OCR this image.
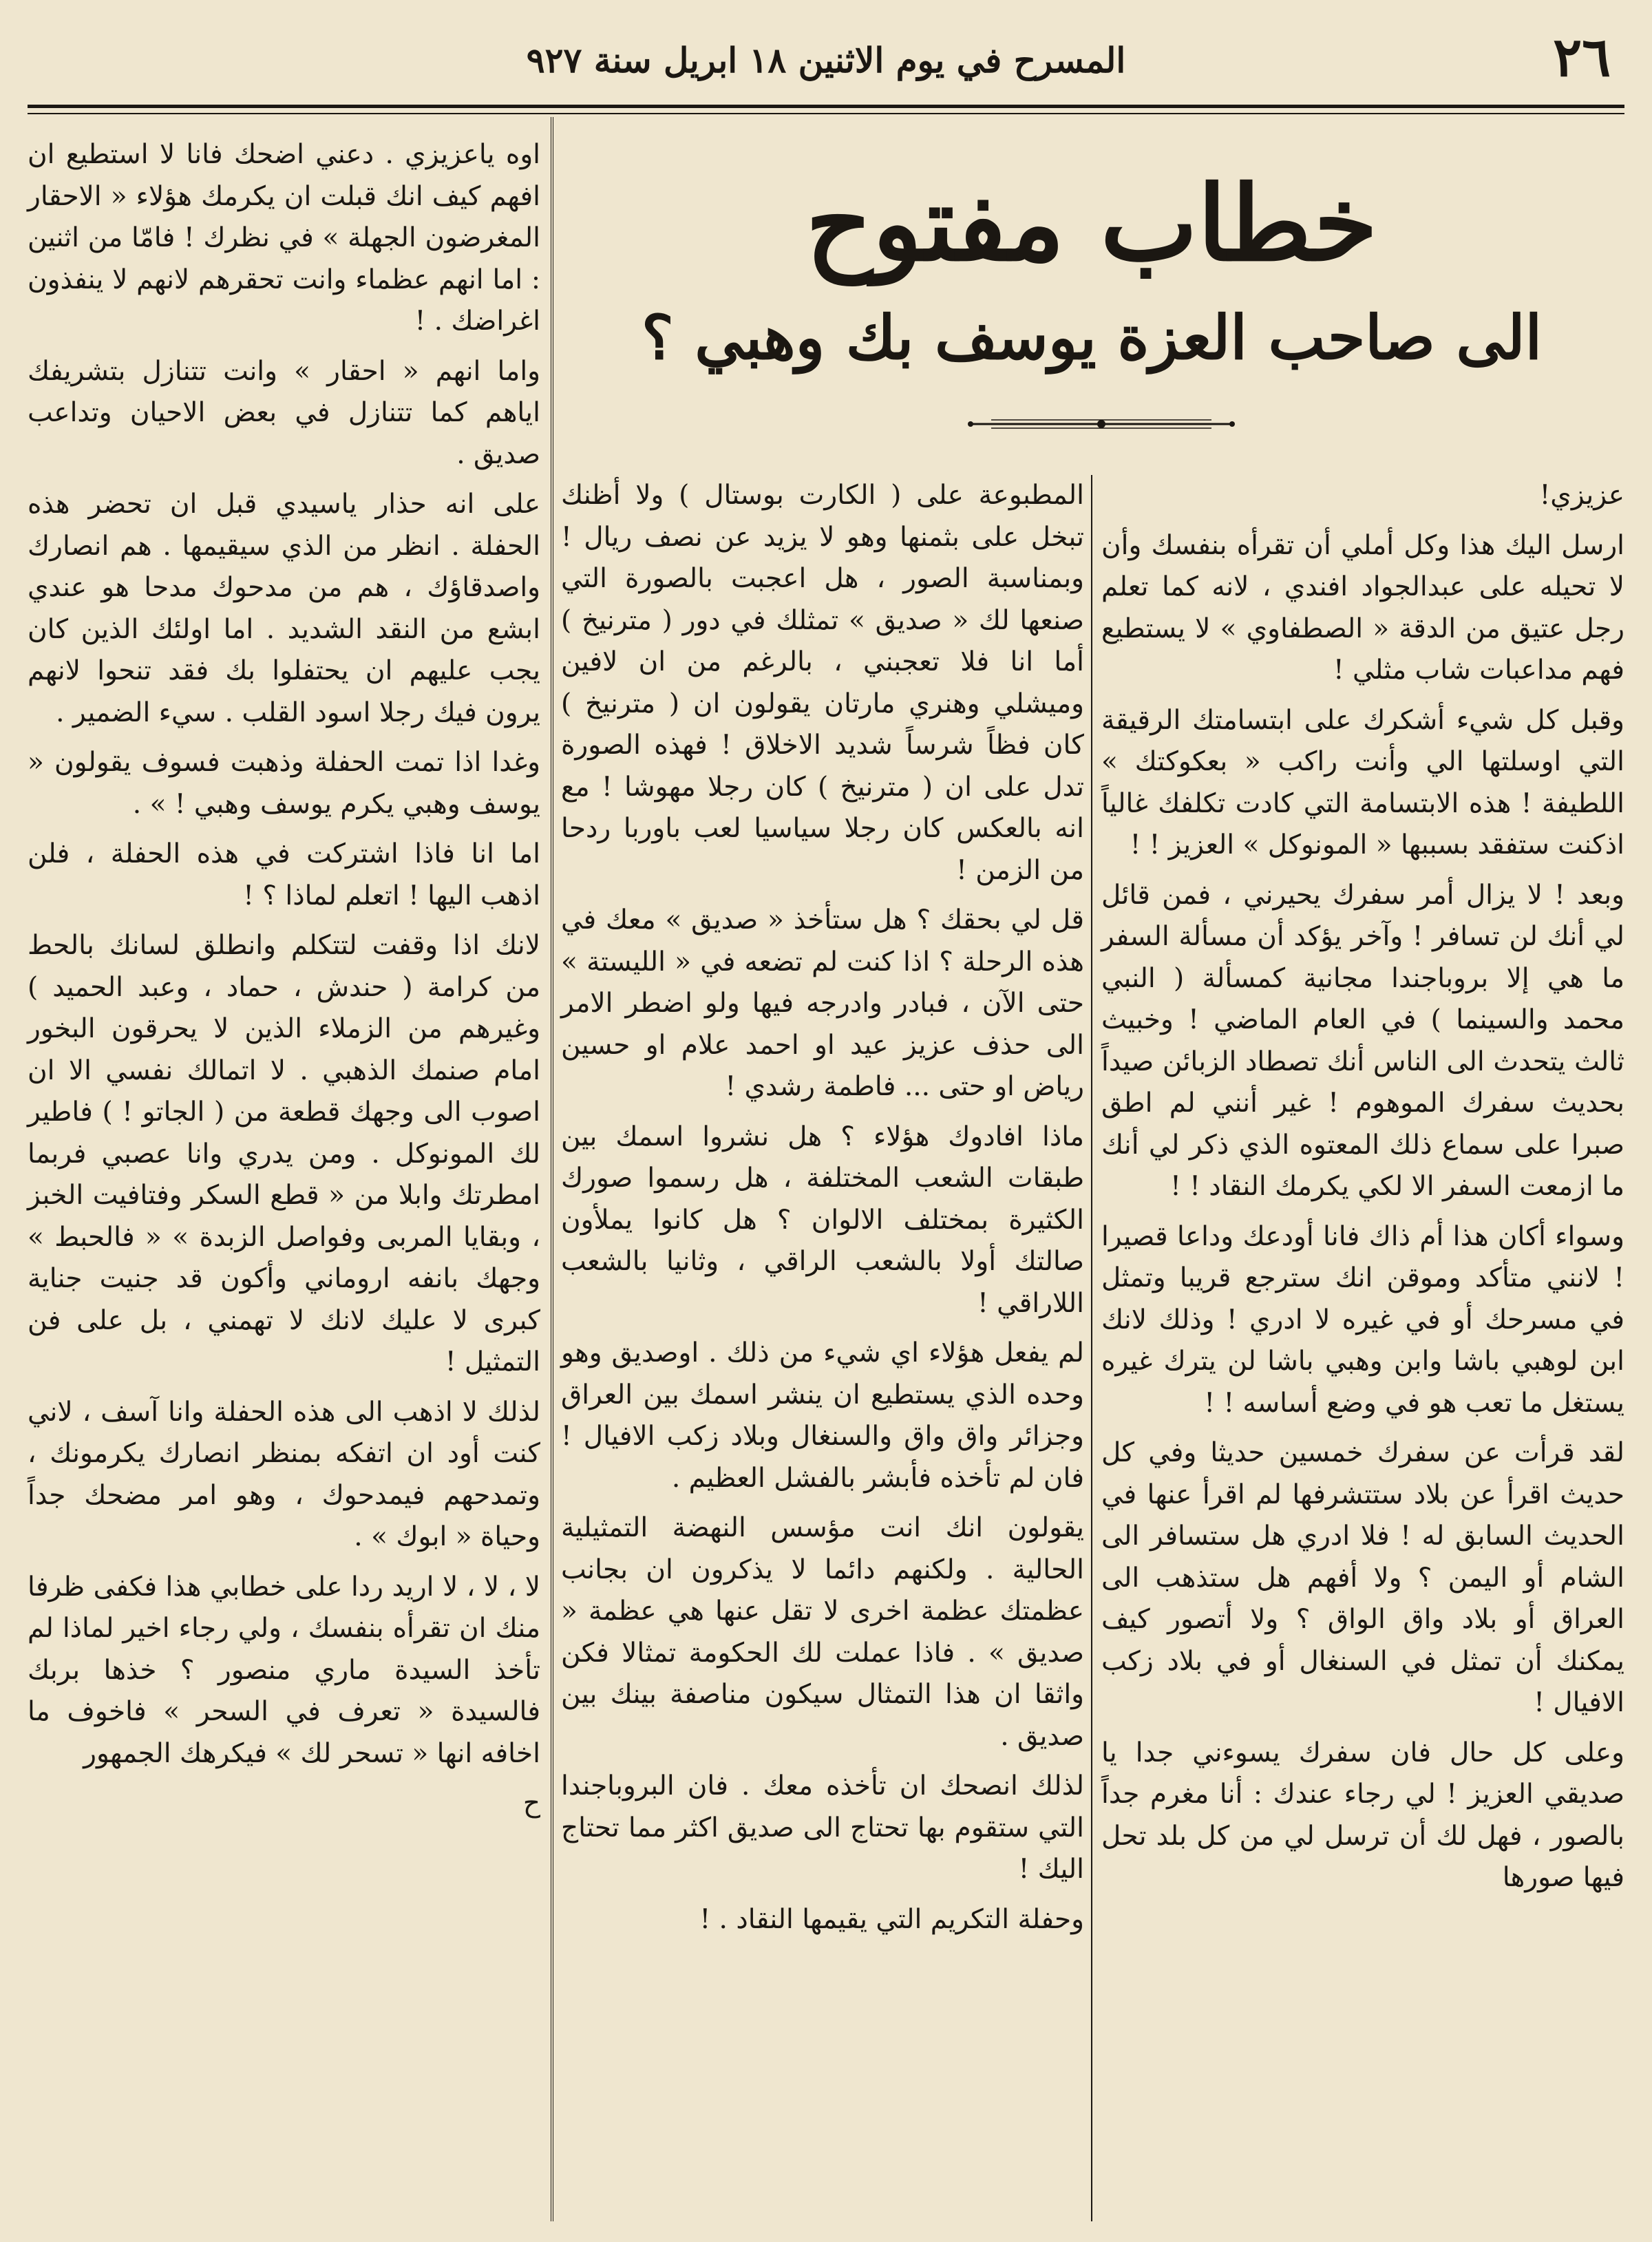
٢٦
المسرح في يوم الاثنين ١٨ ابريل سنة ٩٢٧
خطاب مفتوح
الى صاحب العزة يوسف بك وهبي ؟

عزيزي!

ارسل اليك هذا وكل أملي أن تقرأه بنفسك وأن لا تحيله على عبدالجواد افندي ، لانه كما تعلم رجل عتيق من الدقة « الصطفاوي » لا يستطيع فهم مداعبات شاب مثلي !

وقبل كل شيء أشكرك على ابتسامتك الرقيقة التي اوسلتها الي وأنت راكب « بعكوكتك » اللطيفة ! هذه الابتسامة التي كادت تكلفك غالياً اذكنت ستفقد بسببها « المونوكل » العزيز ! !

وبعد ! لا يزال أمر سفرك يحيرني ، فمن قائل لي أنك لن تسافر ! وآخر يؤكد أن مسألة السفر ما هي إلا بروباجندا مجانية كمسألة ( النبي محمد والسينما ) في العام الماضي ! وخبيث ثالث يتحدث الى الناس أنك تصطاد الزبائن صيداً بحديث سفرك الموهوم ! غير أنني لم اطق صبرا على سماع ذلك المعتوه الذي ذكر لي أنك ما ازمعت السفر الا لكي يكرمك النقاد ! !

وسواء أكان هذا أم ذاك فانا أودعك وداعا قصيرا ! لانني متأكد وموقن انك سترجع قريبا وتمثل في مسرحك أو في غيره لا ادري ! وذلك لانك ابن لوهبي باشا وابن وهبي باشا لن يترك غيره يستغل ما تعب هو في وضع أساسه ! !

لقد قرأت عن سفرك خمسين حديثا وفي كل حديث اقرأ عن بلاد ستتشرفها لم اقرأ عنها في الحديث السابق له ! فلا ادري هل ستسافر الى الشام أو اليمن ؟ ولا أفهم هل ستذهب الى العراق أو بلاد واق الواق ؟ ولا أتصور كيف يمكنك أن تمثل في السنغال أو في بلاد زكب الافيال !

وعلى كل حال فان سفرك يسوءني جدا يا صديقي العزيز ! لي رجاء عندك : أنا مغرم جداً بالصور ، فهل لك أن ترسل لي من كل بلد تحل فيها صورها

المطبوعة على ( الكارت بوستال ) ولا أظنك تبخل على بثمنها وهو لا يزيد عن نصف ريال ! وبمناسبة الصور ، هل اعجبت بالصورة التي صنعها لك « صديق » تمثلك في دور ( مترنيخ ) أما انا فلا تعجبني ، بالرغم من ان لافين وميشلي وهنري مارتان يقولون ان ( مترنيخ ) كان فظاً شرساً شديد الاخلاق ! فهذه الصورة تدل على ان ( مترنيخ ) كان رجلا مهوشا ! مع انه بالعكس كان رجلا سياسيا لعب باوربا ردحا من الزمن !

قل لي بحقك ؟ هل ستأخذ « صديق » معك في هذه الرحلة ؟ اذا كنت لم تضعه في « الليستة » حتى الآن ، فبادر وادرجه فيها ولو اضطر الامر الى حذف عزيز عيد او احمد علام او حسين رياض او حتى ... فاطمة رشدي !

ماذا افادوك هؤلاء ؟ هل نشروا اسمك بين طبقات الشعب المختلفة ، هل رسموا صورك الكثيرة بمختلف الالوان ؟ هل كانوا يملأون صالتك أولا بالشعب الراقي ، وثانيا بالشعب اللاراقي !

لم يفعل هؤلاء اي شيء من ذلك . اوصديق وهو وحده الذي يستطيع ان ينشر اسمك بين العراق وجزائر واق واق والسنغال وبلاد زكب الافيال ! فان لم تأخذه فأبشر بالفشل العظيم .

يقولون انك انت مؤسس النهضة التمثيلية الحالية . ولكنهم دائما لا يذكرون ان بجانب عظمتك عظمة اخرى لا تقل عنها هي عظمة « صديق » . فاذا عملت لك الحكومة تمثالا فكن واثقا ان هذا التمثال سيكون مناصفة بينك بين صديق .

لذلك انصحك ان تأخذه معك . فان البروباجندا التي ستقوم بها تحتاج الى صديق اكثر مما تحتاج اليك !

وحفلة التكريم التي يقيمها النقاد . !

اوه ياعزيزي . دعني اضحك فانا لا استطيع ان افهم كيف انك قبلت ان يكرمك هؤلاء « الاحقار المغرضون الجهلة » في نظرك ! فامّا من اثنين : اما انهم عظماء وانت تحقرهم لانهم لا ينفذون اغراضك . !

واما انهم « احقار » وانت تتنازل بتشريفك اياهم كما تتنازل في بعض الاحيان وتداعب صديق .

على انه حذار ياسيدي قبل ان تحضر هذه الحفلة . انظر من الذي سيقيمها . هم انصارك واصدقاؤك ، هم من مدحوك مدحا هو عندي ابشع من النقد الشديد . اما اولئك الذين كان يجب عليهم ان يحتفلوا بك فقد تنحوا لانهم يرون فيك رجلا اسود القلب . سيء الضمير .

وغدا اذا تمت الحفلة وذهبت فسوف يقولون « يوسف وهبي يكرم يوسف وهبي ! » .

اما انا فاذا اشتركت في هذه الحفلة ، فلن اذهب اليها ! اتعلم لماذا ؟ !

لانك اذا وقفت لتتكلم وانطلق لسانك بالحط من كرامة ( حندش ، حماد ، وعبد الحميد ) وغيرهم من الزملاء الذين لا يحرقون البخور امام صنمك الذهبي . لا اتمالك نفسي الا ان اصوب الى وجهك قطعة من ( الجاتو ! ) فاطير لك المونوكل . ومن يدري وانا عصبي فربما امطرتك وابلا من « قطع السكر وفتافيت الخبز ، وبقايا المربى وفواصل الزبدة » « فالحبط » وجهك بانفه اروماني وأكون قد جنيت جناية كبرى لا عليك لانك لا تهمني ، بل على فن التمثيل !

لذلك لا اذهب الى هذه الحفلة وانا آسف ، لاني كنت أود ان اتفكه بمنظر انصارك يكرمونك ، وتمدحهم فيمدحوك ، وهو امر مضحك جداً وحياة « ابوك » .

لا ، لا ، لا اريد ردا على خطابي هذا فكفى ظرفا منك ان تقرأه بنفسك ، ولي رجاء اخير لماذا لم تأخذ السيدة ماري منصور ؟ خذها بربك فالسيدة « تعرف في السحر » فاخوف ما اخافه انها « تسحر لك » فيكرهك الجمهور

ح
